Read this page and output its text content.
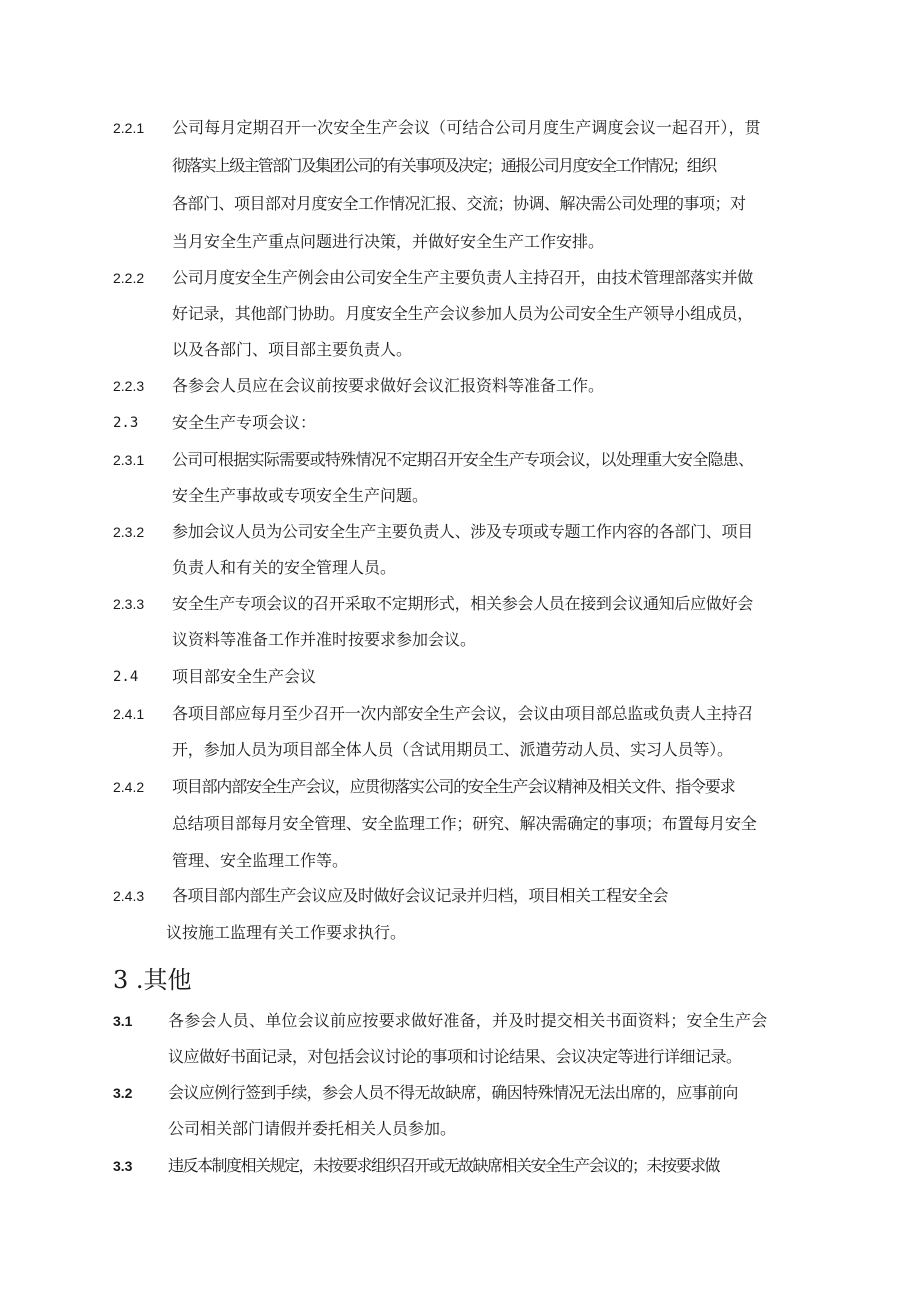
2.2.1 公司每月定期召开一次安全生产会议（可结合公司月度生产调度会议一起召开），贯
彻落实上级主管部门及集团公司的有关事项及决定；通报公司月度安全工作情况；组织
各部门、项目部对月度安全工作情况汇报、交流；协调、解决需公司处理的事项；对
当月安全生产重点问题进行决策，并做好安全生产工作安排。
2.2.2 公司月度安全生产例会由公司安全生产主要负责人主持召开，由技术管理部落实并做
好记录，其他部门协助。月度安全生产会议参加人员为公司安全生产领导小组成员，
以及各部门、项目部主要负责人。
2.2.3 各参会人员应在会议前按要求做好会议汇报资料等准备工作。
2.3 安全生产专项会议：
2.3.1 公司可根据实际需要或特殊情况不定期召开安全生产专项会议，以处理重大安全隐患、
安全生产事故或专项安全生产问题。
2.3.2 参加会议人员为公司安全生产主要负责人、涉及专项或专题工作内容的各部门、项目
负责人和有关的安全管理人员。
2.3.3 安全生产专项会议的召开采取不定期形式，相关参会人员在接到会议通知后应做好会
议资料等准备工作并准时按要求参加会议。
2.4 项目部安全生产会议
2.4.1 各项目部应每月至少召开一次内部安全生产会议，会议由项目部总监或负责人主持召
开，参加人员为项目部全体人员（含试用期员工、派遣劳动人员、实习人员等）。
2.4.2 项目部内部安全生产会议，应贯彻落实公司的安全生产会议精神及相关文件、指令要求
总结项目部每月安全管理、安全监理工作；研究、解决需确定的事项；布置每月安全
管理、安全监理工作等。
2.4.3 各项目部内部生产会议应及时做好会议记录并归档，项目相关工程安全会
议按施工监理有关工作要求执行。
3 .其他
3.1 各参会人员、单位会议前应按要求做好准备，并及时提交相关书面资料；安全生产会
议应做好书面记录，对包括会议讨论的事项和讨论结果、会议决定等进行详细记录。
3.2 会议应例行签到手续，参会人员不得无故缺席，确因特殊情况无法出席的，应事前向
公司相关部门请假并委托相关人员参加。
3.3 违反本制度相关规定，未按要求组织召开或无故缺席相关安全生产会议的；未按要求做
